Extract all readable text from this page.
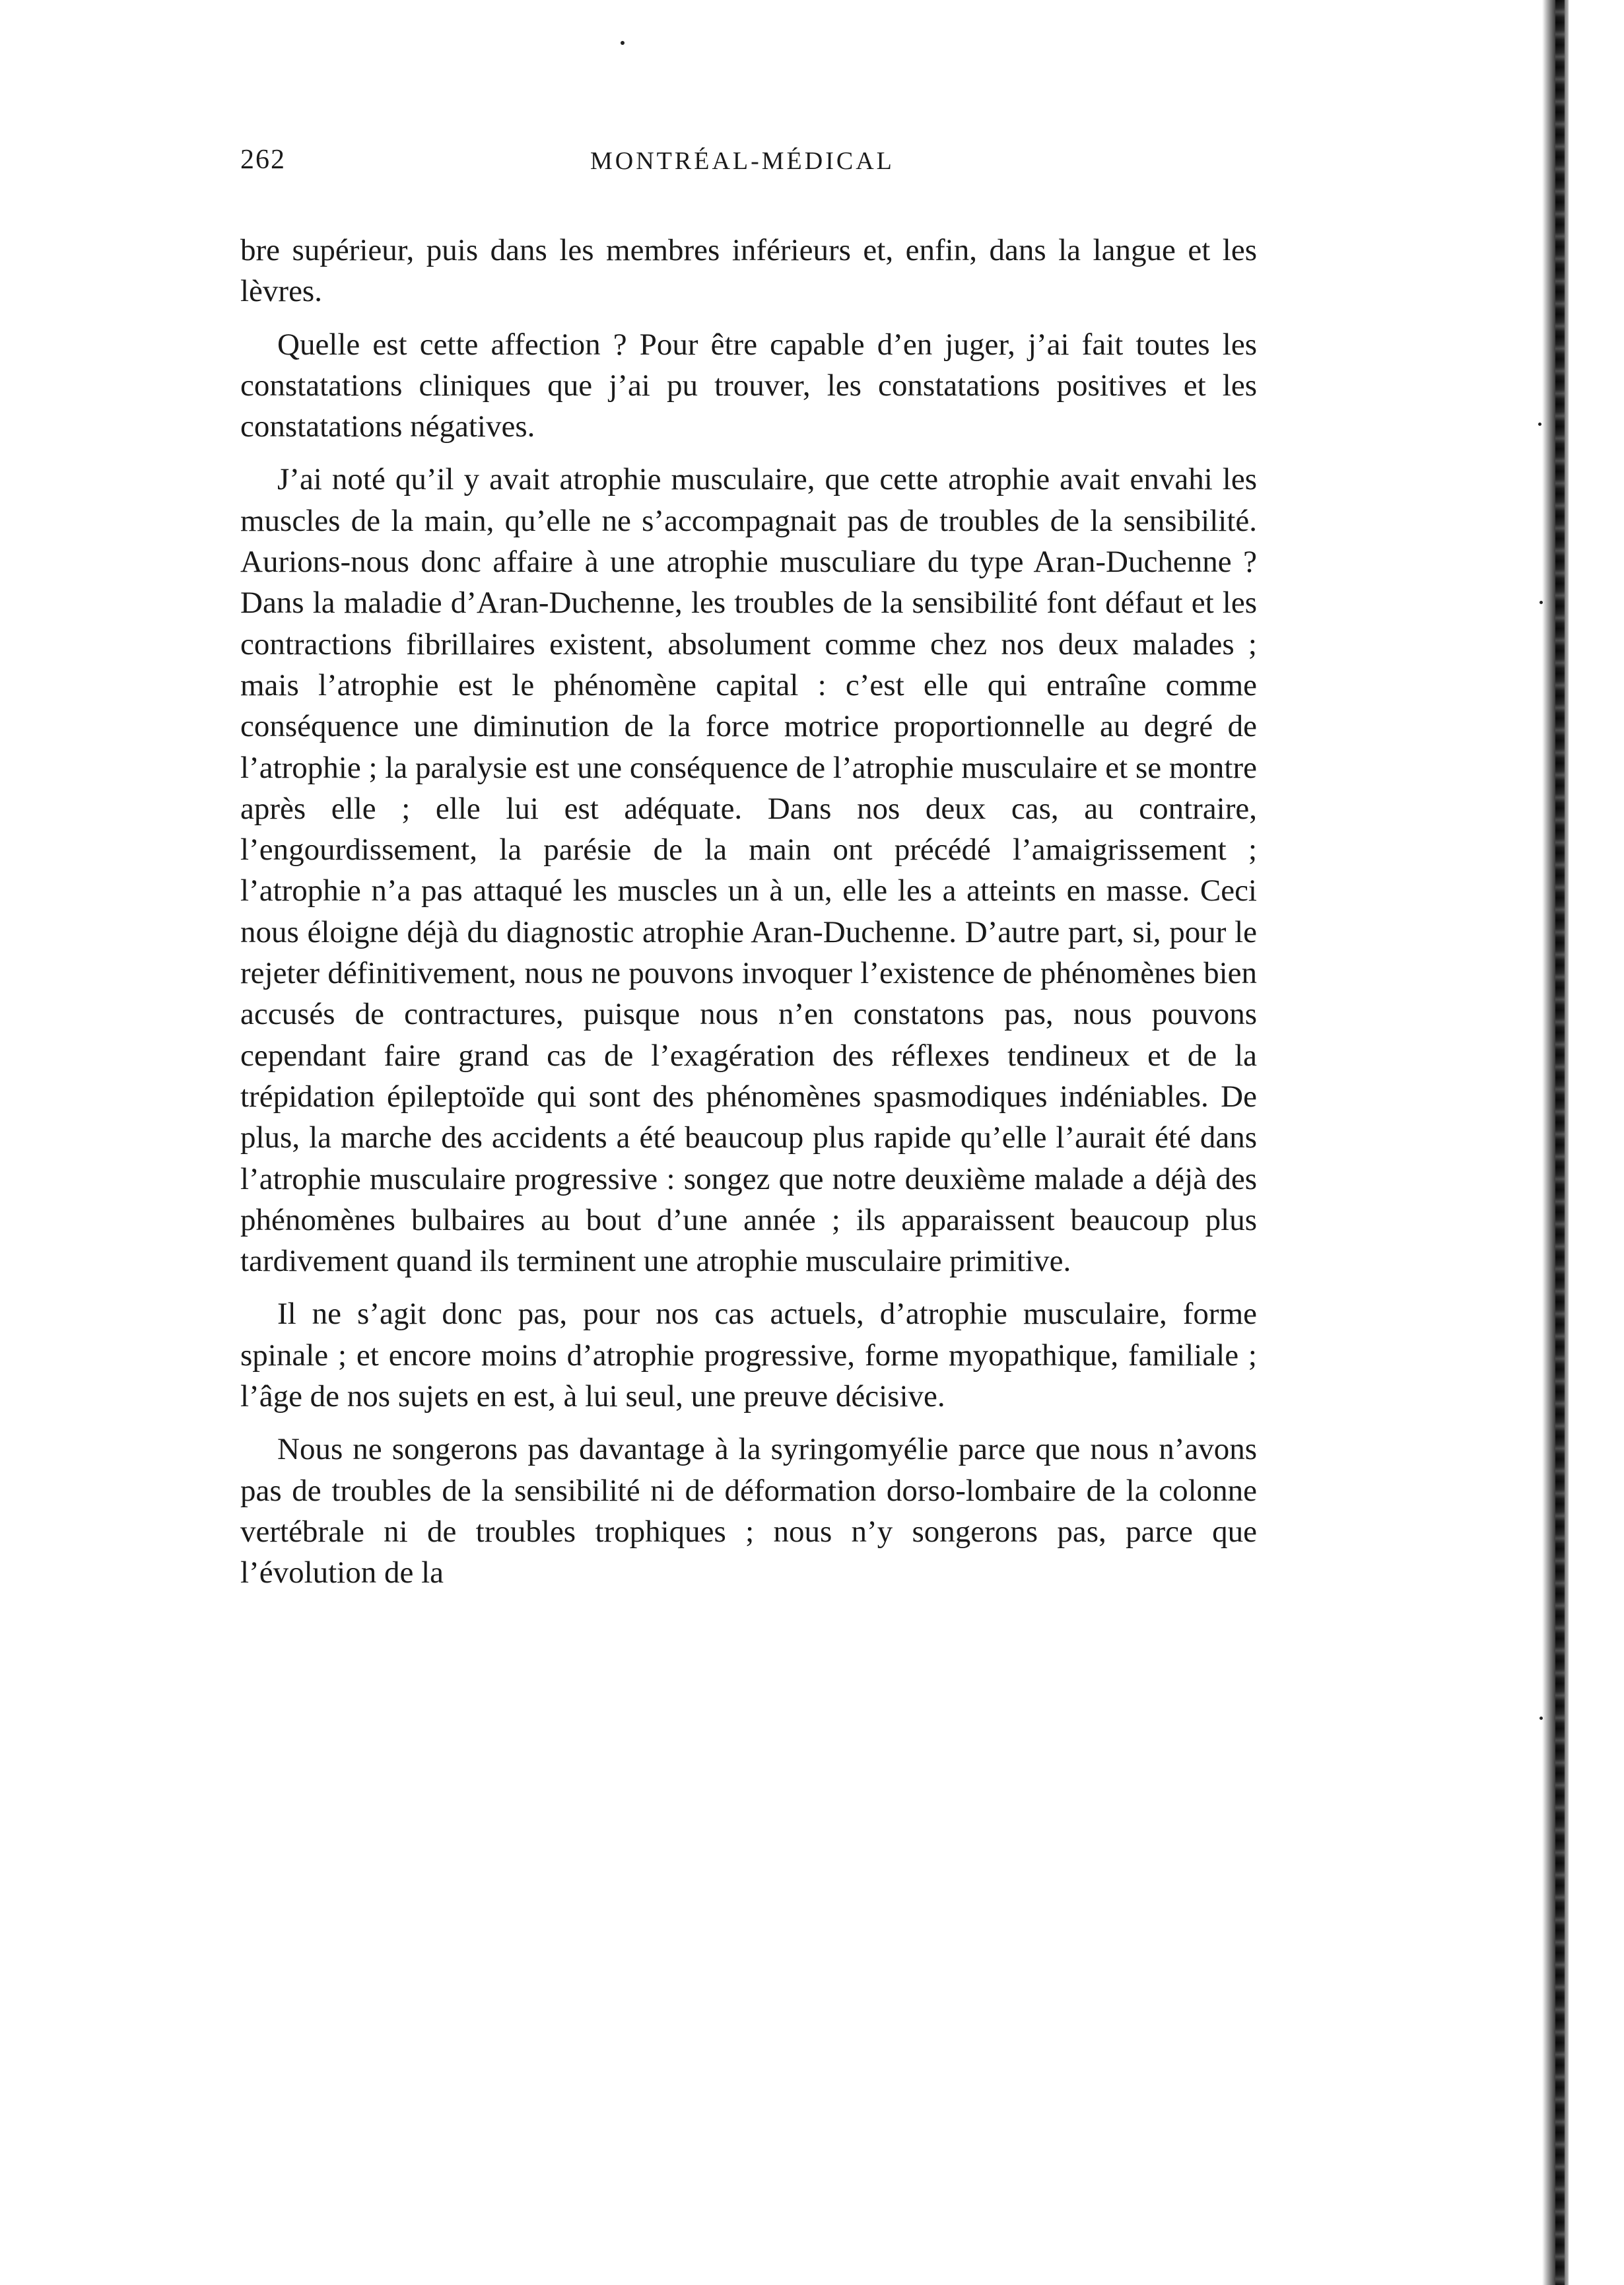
262	MONTRÉAL-MÉDICAL

bre supérieur, puis dans les membres inférieurs et, enfin, dans la langue et les lèvres.

Quelle est cette affection ? Pour être capable d’en juger, j’ai fait toutes les constatations cliniques que j’ai pu trouver, les constatations positives et les constatations négatives.

J’ai noté qu’il y avait atrophie musculaire, que cette atrophie avait envahi les muscles de la main, qu’elle ne s’accompagnait pas de troubles de la sensibilité. Aurions-nous donc affaire à une atrophie musculiare du type Aran-Duchenne ? Dans la maladie d’Aran-Duchenne, les troubles de la sensibilité font défaut et les contractions fibrillaires existent, absolument comme chez nos deux malades ; mais l’atrophie est le phénomène capital : c’est elle qui entraîne comme conséquence une diminution de la force motrice proportionnelle au degré de l’atrophie ; la paralysie est une conséquence de l’atrophie musculaire et se montre après elle ; elle lui est adéquate. Dans nos deux cas, au contraire, l’engourdissement, la parésie de la main ont précédé l’amaigrissement ; l’atrophie n’a pas attaqué les muscles un à un, elle les a atteints en masse. Ceci nous éloigne déjà du diagnostic atrophie Aran-Duchenne. D’autre part, si, pour le rejeter définitivement, nous ne pouvons invoquer l’existence de phénomènes bien accusés de contractures, puisque nous n’en constatons pas, nous pouvons cependant faire grand cas de l’exagération des réflexes tendineux et de la trépidation épileptoïde qui sont des phénomènes spasmodiques indéniables. De plus, la marche des accidents a été beaucoup plus rapide qu’elle l’aurait été dans l’atrophie musculaire progressive : songez que notre deuxième malade a déjà des phénomènes bulbaires au bout d’une année ; ils apparaissent beaucoup plus tardivement quand ils terminent une atrophie musculaire primitive.

Il ne s’agit donc pas, pour nos cas actuels, d’atrophie musculaire, forme spinale ; et encore moins d’atrophie progressive, forme myopathique, familiale ; l’âge de nos sujets en est, à lui seul, une preuve décisive.

Nous ne songerons pas davantage à la syringomyélie parce que nous n’avons pas de troubles de la sensibilité ni de déformation dorso-lombaire de la colonne vertébrale ni de troubles trophiques ; nous n’y songerons pas, parce que l’évolution de la
